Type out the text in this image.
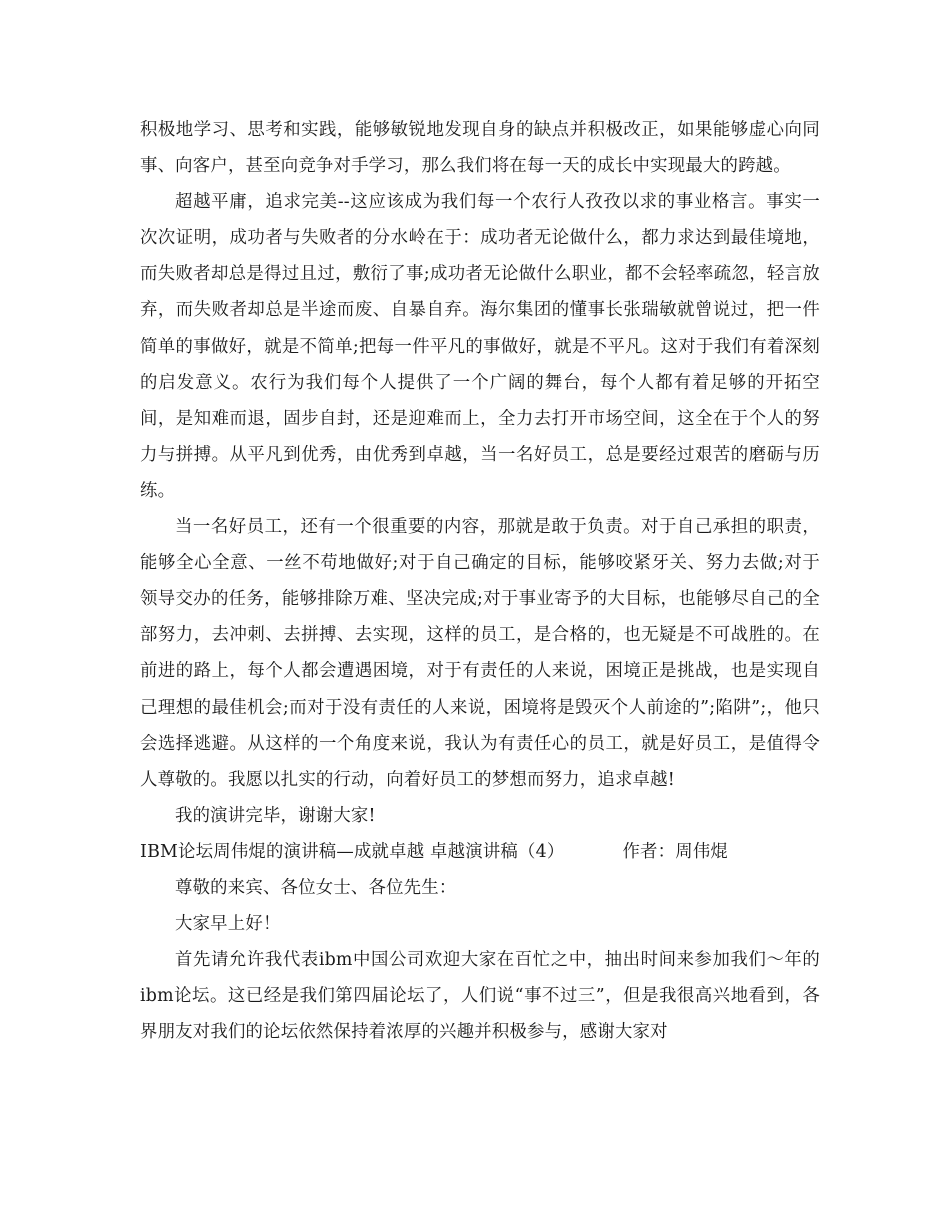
积极地学习、思考和实践，能够敏锐地发现自身的缺点并积极改正，如果能够虚心向同事、向客户，甚至向竞争对手学习，那么我们将在每一天的成长中实现最大的跨越。

超越平庸，追求完美--这应该成为我们每一个农行人孜孜以求的事业格言。事实一次次证明，成功者与失败者的分水岭在于：成功者无论做什么，都力求达到最佳境地，而失败者却总是得过且过，敷衍了事;成功者无论做什么职业，都不会轻率疏忽，轻言放弃，而失败者却总是半途而废、自暴自弃。海尔集团的懂事长张瑞敏就曾说过，把一件简单的事做好，就是不简单;把每一件平凡的事做好，就是不平凡。这对于我们有着深刻的启发意义。农行为我们每个人提供了一个广阔的舞台，每个人都有着足够的开拓空间，是知难而退，固步自封，还是迎难而上，全力去打开市场空间，这全在于个人的努力与拼搏。从平凡到优秀，由优秀到卓越，当一名好员工，总是要经过艰苦的磨砺与历练。

当一名好员工，还有一个很重要的内容，那就是敢于负责。对于自己承担的职责，能够全心全意、一丝不苟地做好;对于自己确定的目标，能够咬紧牙关、努力去做;对于领导交办的任务，能够排除万难、坚决完成;对于事业寄予的大目标，也能够尽自己的全部努力，去冲刺、去拼搏、去实现，这样的员工，是合格的，也无疑是不可战胜的。在前进的路上，每个人都会遭遇困境，对于有责任的人来说，困境正是挑战，也是实现自己理想的最佳机会;而对于没有责任的人来说，困境将是毁灭个人前途的”;陷阱”;，他只会选择逃避。从这样的一个角度来说，我认为有责任心的员工，就是好员工，是值得令人尊敬的。我愿以扎实的行动，向着好员工的梦想而努力，追求卓越!

我的演讲完毕，谢谢大家!

IBM论坛周伟焜的演讲稿—成就卓越 卓越演讲稿（4）	作者：周伟焜

尊敬的来宾、各位女士、各位先生：

大家早上好！

首先请允许我代表ibm中国公司欢迎大家在百忙之中，抽出时间来参加我们～年的ibm论坛。这已经是我们第四届论坛了，人们说“事不过三”，但是我很高兴地看到，各界朋友对我们的论坛依然保持着浓厚的兴趣并积极参与，感谢大家对
